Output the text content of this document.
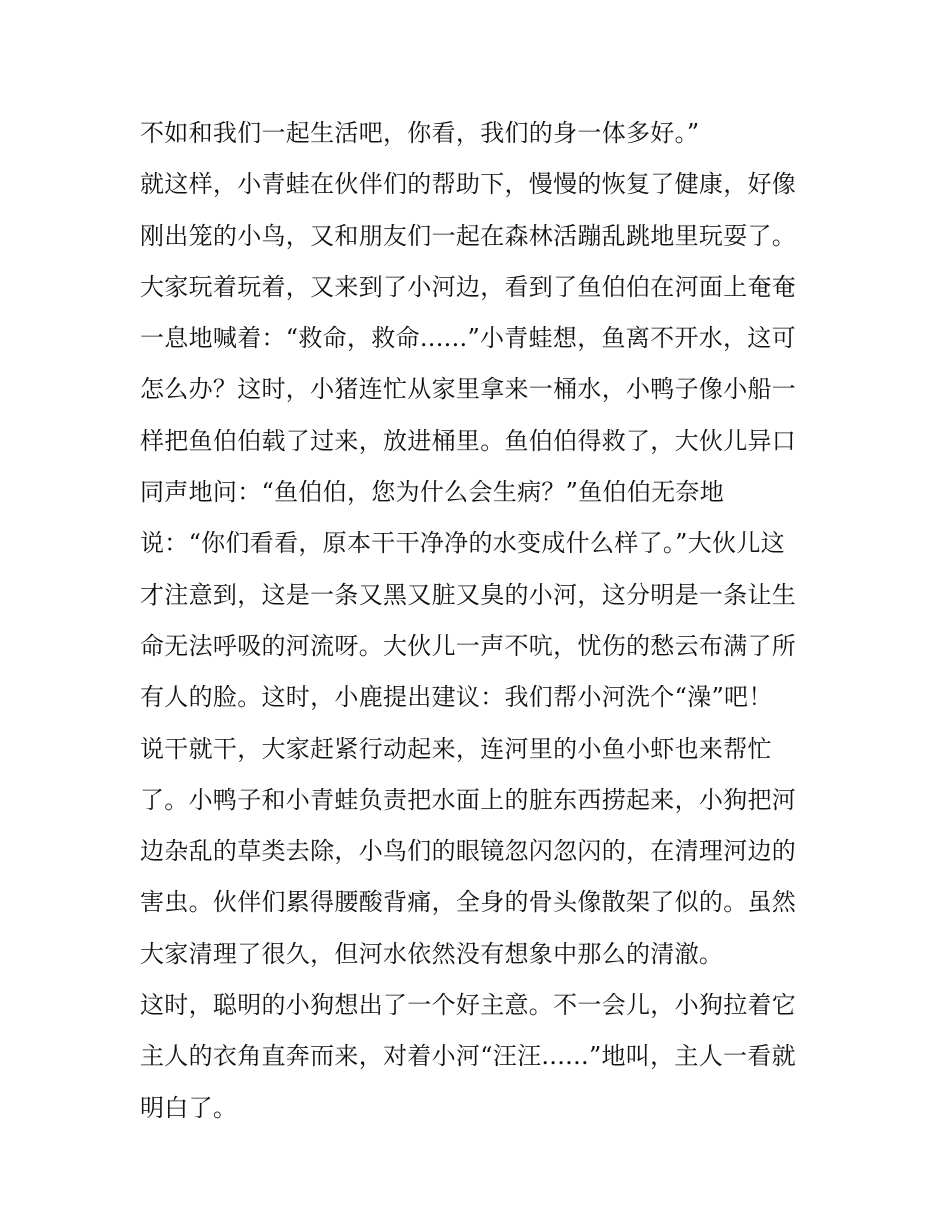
不如和我们一起生活吧，你看，我们的身一体多好。”
就这样，小青蛙在伙伴们的帮助下，慢慢的恢复了健康，好像
刚出笼的小鸟，又和朋友们一起在森林活蹦乱跳地里玩耍了。
大家玩着玩着，又来到了小河边，看到了鱼伯伯在河面上奄奄
一息地喊着：“救命，救命......”小青蛙想，鱼离不开水，这可
怎么办？这时，小猪连忙从家里拿来一桶水，小鸭子像小船一
样把鱼伯伯载了过来，放进桶里。鱼伯伯得救了，大伙儿异口
同声地问：“鱼伯伯，您为什么会生病？”鱼伯伯无奈地
说：“你们看看，原本干干净净的水变成什么样了。”大伙儿这
才注意到，这是一条又黑又脏又臭的小河，这分明是一条让生
命无法呼吸的河流呀。大伙儿一声不吭，忧伤的愁云布满了所
有人的脸。这时，小鹿提出建议：我们帮小河洗个“澡”吧！
说干就干，大家赶紧行动起来，连河里的小鱼小虾也来帮忙
了。小鸭子和小青蛙负责把水面上的脏东西捞起来，小狗把河
边杂乱的草类去除，小鸟们的眼镜忽闪忽闪的，在清理河边的
害虫。伙伴们累得腰酸背痛，全身的骨头像散架了似的。虽然
大家清理了很久，但河水依然没有想象中那么的清澈。
这时，聪明的小狗想出了一个好主意。不一会儿，小狗拉着它
主人的衣角直奔而来，对着小河“汪汪......”地叫，主人一看就
明白了。
